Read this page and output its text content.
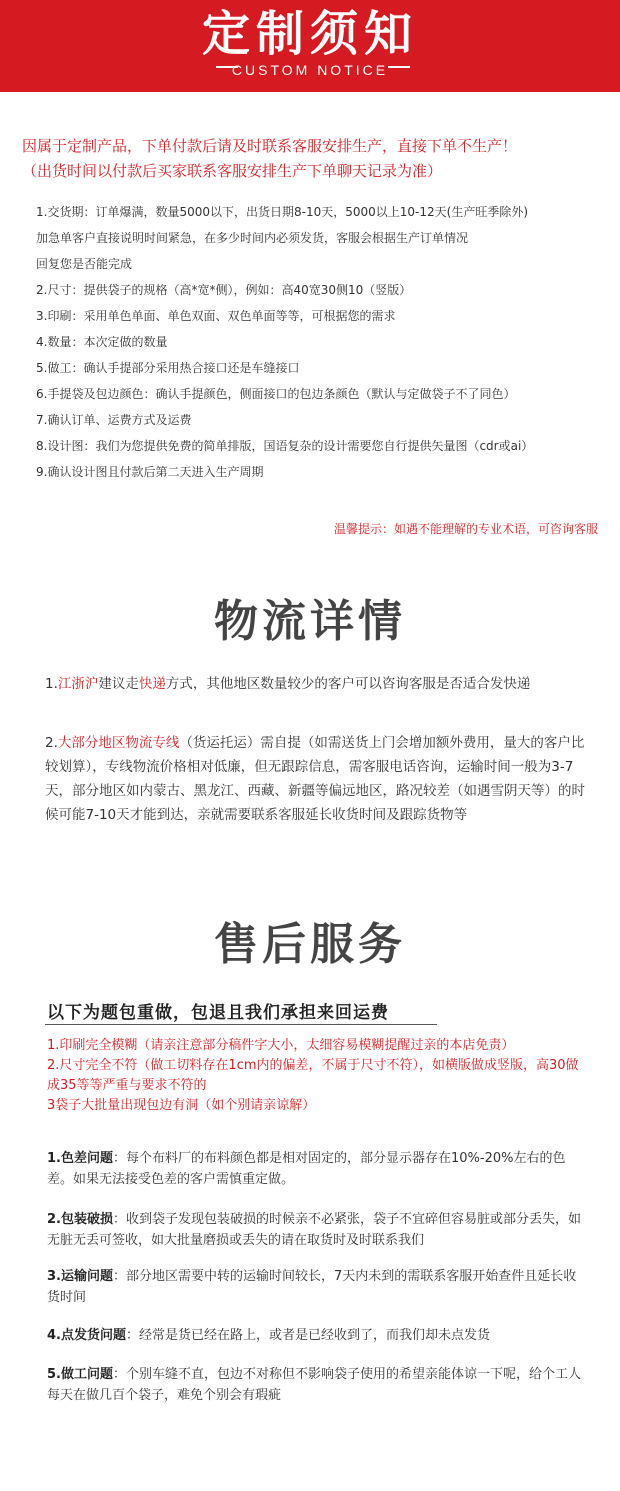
定制须知
CUSTOM NOTICE
因属于定制产品，下单付款后请及时联系客服安排生产，直接下单不生产！
（出货时间以付款后买家联系客服安排生产下单聊天记录为准）
1.交货期：订单爆满，数量5000以下，出货日期8-10天，5000以上10-12天(生产旺季除外)
加急单客户直接说明时间紧急，在多少时间内必须发货，客服会根据生产订单情况
回复您是否能完成
2.尺寸：提供袋子的规格（高*宽*侧），例如：高40宽30侧10（竖版）
3.印刷：采用单色单面、单色双面、双色单面等等，可根据您的需求
4.数量：本次定做的数量
5.做工：确认手提部分采用热合接口还是车缝接口
6.手提袋及包边颜色：确认手提颜色，侧面接口的包边条颜色（默认与定做袋子不了同色）
7.确认订单、运费方式及运费
8.设计图：我们为您提供免费的简单排版，国语复杂的设计需要您自行提供矢量图（cdr或ai）
9.确认设计图且付款后第二天进入生产周期
温馨提示：如遇不能理解的专业术语，可咨询客服
物流详情
1.江浙沪建议走快递方式，其他地区数量较少的客户可以咨询客服是否适合发快递
2.大部分地区物流专线（货运托运）需自提（如需送货上门会增加额外费用，量大的客户比较划算），专线物流价格相对低廉，但无跟踪信息，需客服电话咨询，运输时间一般为3-7天，部分地区如内蒙古、黑龙江、西藏、新疆等偏远地区，路况较差（如遇雪阴天等）的时候可能7-10天才能到达，亲就需要联系客服延长收货时间及跟踪货物等
售后服务
以下为题包重做，包退且我们承担来回运费
1.印刷完全模糊（请亲注意部分稿件字大小，太细容易模糊提醒过亲的本店免责）
2.尺寸完全不符（做工切料存在1cm内的偏差，不属于尺寸不符），如横版做成竖版，高30做成35等等严重与要求不符的
3袋子大批量出现包边有洞（如个别请亲谅解）
1.色差问题：每个布料厂的布料颜色都是相对固定的，部分显示器存在10%-20%左右的色差。如果无法接受色差的客户需慎重定做。
2.包装破损：收到袋子发现包装破损的时候亲不必紧张，袋子不宜碎但容易脏或部分丢失，如无脏无丢可签收，如大批量磨损或丢失的请在取货时及时联系我们
3.运输问题：部分地区需要中转的运输时间较长，7天内未到的需联系客服开始查件且延长收货时间
4.点发货问题：经常是货已经在路上，或者是已经收到了，而我们却未点发货
5.做工问题：个别车缝不直，包边不对称但不影响袋子使用的希望亲能体谅一下呢，给个工人每天在做几百个袋子，难免个别会有瑕疵
